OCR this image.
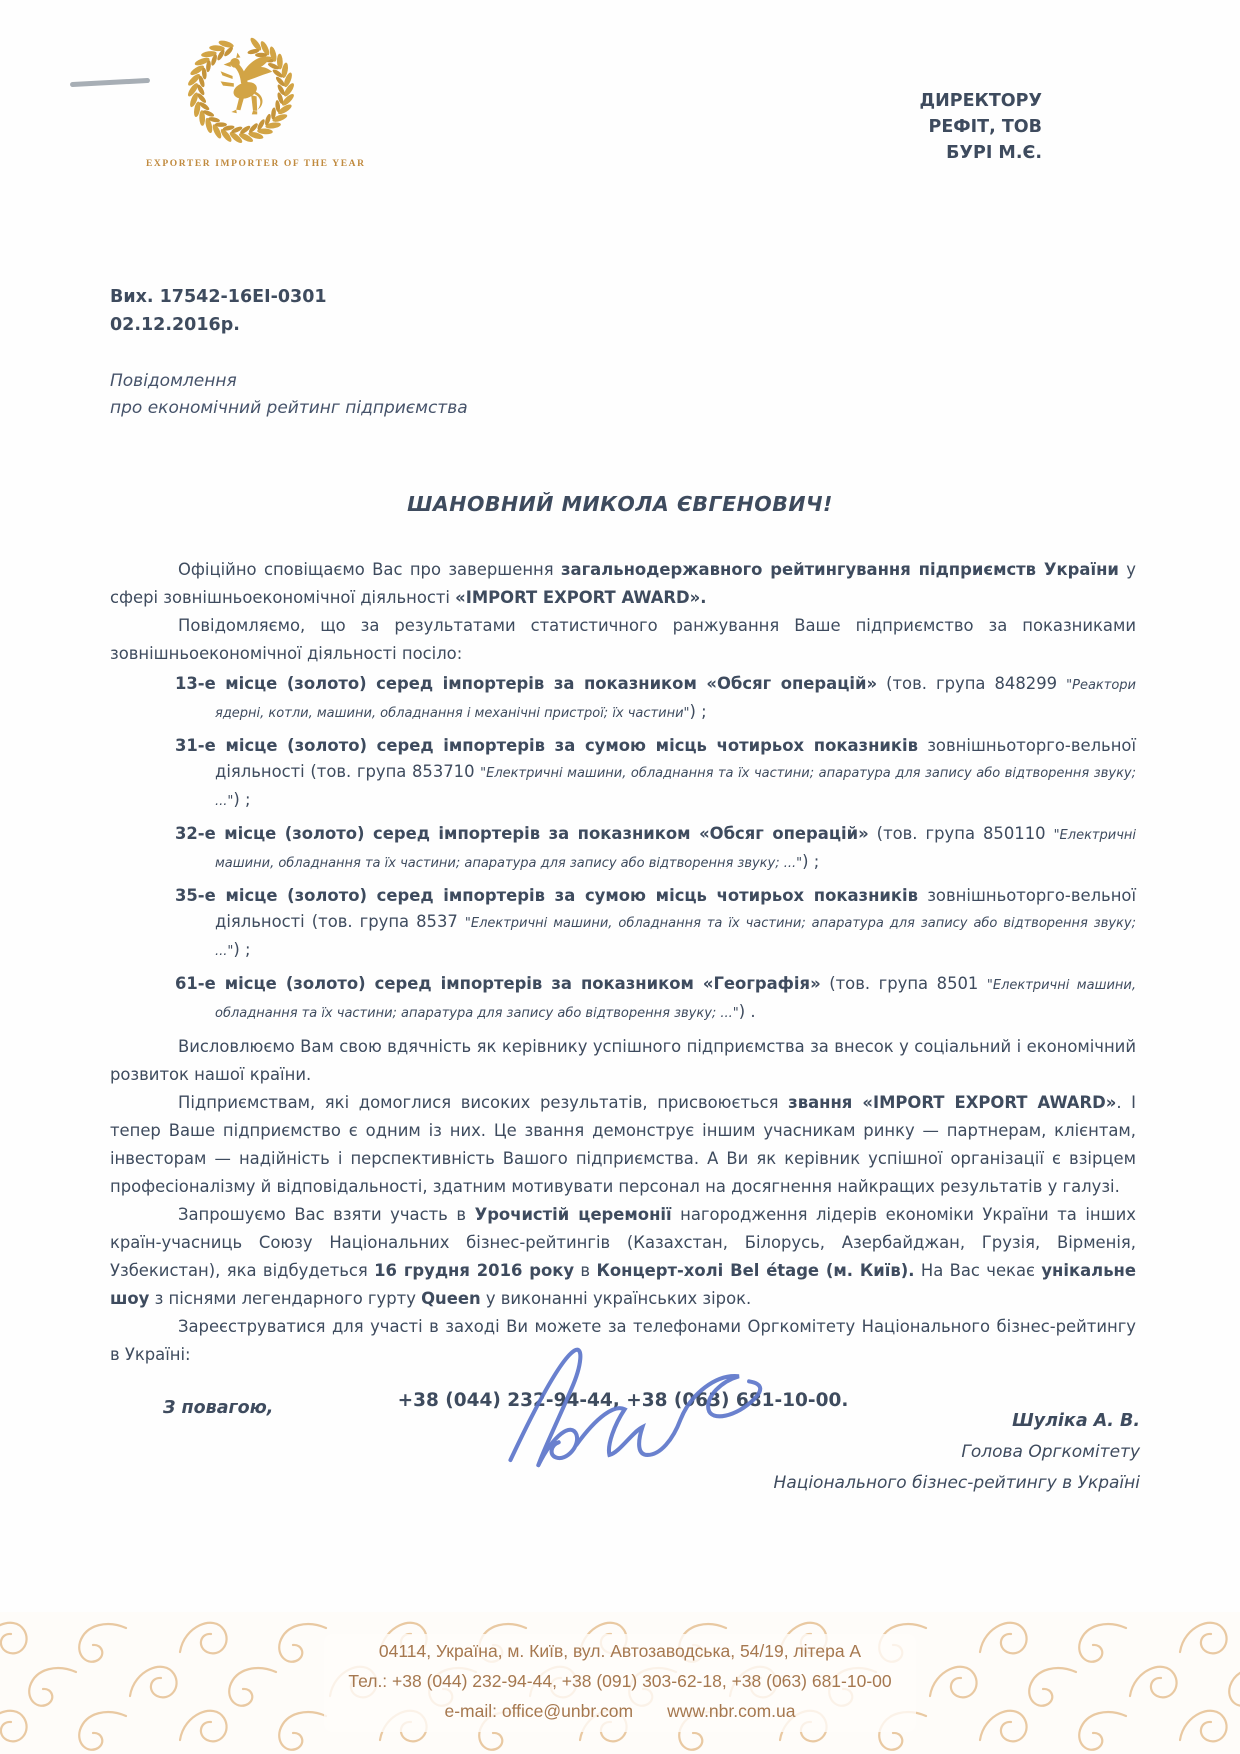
EXPORTER IMPORTER OF THE YEAR
ДИРЕКТОРУ
РЕФІТ, ТОВ
БУРІ М.Є.
Вих. 17542-16EI-0301
02.12.2016р.
Повідомлення
про економічний рейтинг підприємства
ШАНОВНИЙ МИКОЛА ЄВГЕНОВИЧ!

Офіційно сповіщаємо Вас про завершення загальнодержавного рейтингування підприємств України у сфері зовнішньоекономічної діяльності «IMPORT EXPORT AWARD».

Повідомляємо, що за результатами статистичного ранжування Ваше підприємство за показниками зовнішньоекономічної діяльності посіло:

13-е місце (золото) серед імпортерів за показником «Обсяг операцій» (тов. група 848299 "Реактори ядерні, котли, машини, обладнання і механічні пристрої; їх частини") ;
31-е місце (золото) серед імпортерів за сумою місць чотирьох показників зовнішньоторго-вельної діяльності (тов. група 853710 "Електричні машини, обладнання та їх частини; апаратура для запису або відтворення звуку; ...") ;
32-е місце (золото) серед імпортерів за показником «Обсяг операцій» (тов. група 850110 "Електричні машини, обладнання та їх частини; апаратура для запису або відтворення звуку; ...") ;
35-е місце (золото) серед імпортерів за сумою місць чотирьох показників зовнішньоторго-вельної діяльності (тов. група 8537 "Електричні машини, обладнання та їх частини; апаратура для запису або відтворення звуку; ...") ;
61-е місце (золото) серед імпортерів за показником «Географія» (тов. група 8501 "Електричні машини, обладнання та їх частини; апаратура для запису або відтворення звуку; ...") .

Висловлюємо Вам свою вдячність як керівнику успішного підприємства за внесок у соціальний і економічний розвиток нашої країни.

Підприємствам, які домоглися високих результатів, присвоюється звання «IMPORT EXPORT AWARD». І тепер Ваше підприємство є одним із них. Це звання демонструє іншим учасникам ринку — партнерам, клієнтам, інвесторам — надійність і перспективність Вашого підприємства. А Ви як керівник успішної організації є взірцем професіоналізму й відповідальності, здатним мотивувати персонал на досягнення найкращих результатів у галузі.

Запрошуємо Вас взяти участь в Урочистій церемонії нагородження лідерів економіки України та інших країн-учасниць Союзу Національних бізнес-рейтингів (Казахстан, Білорусь, Азербайджан, Грузія, Вірменія, Узбекистан), яка відбудеться 16 грудня 2016 року в Концерт-холі Bel étage (м. Київ). На Вас чекає унікальне шоу з піснями легендарного гурту Queen у виконанні українських зірок.

Зареєструватися для участі в заході Ви можете за телефонами Оргкомітету Національного бізнес-рейтингу в Україні:

+38 (044) 232-94-44, +38 (063) 681-10-00.

З повагою,
Шуліка А. В.
Голова Оргкомітету
Національного бізнес-рейтингу в Україні
04114, Україна, м. Київ, вул. Автозаводська, 54/19, літера А
Тел.: +38 (044) 232-94-44, +38 (091) 303-62-18, +38 (063) 681-10-00
e-mail: office@unbr.com www.nbr.com.ua
